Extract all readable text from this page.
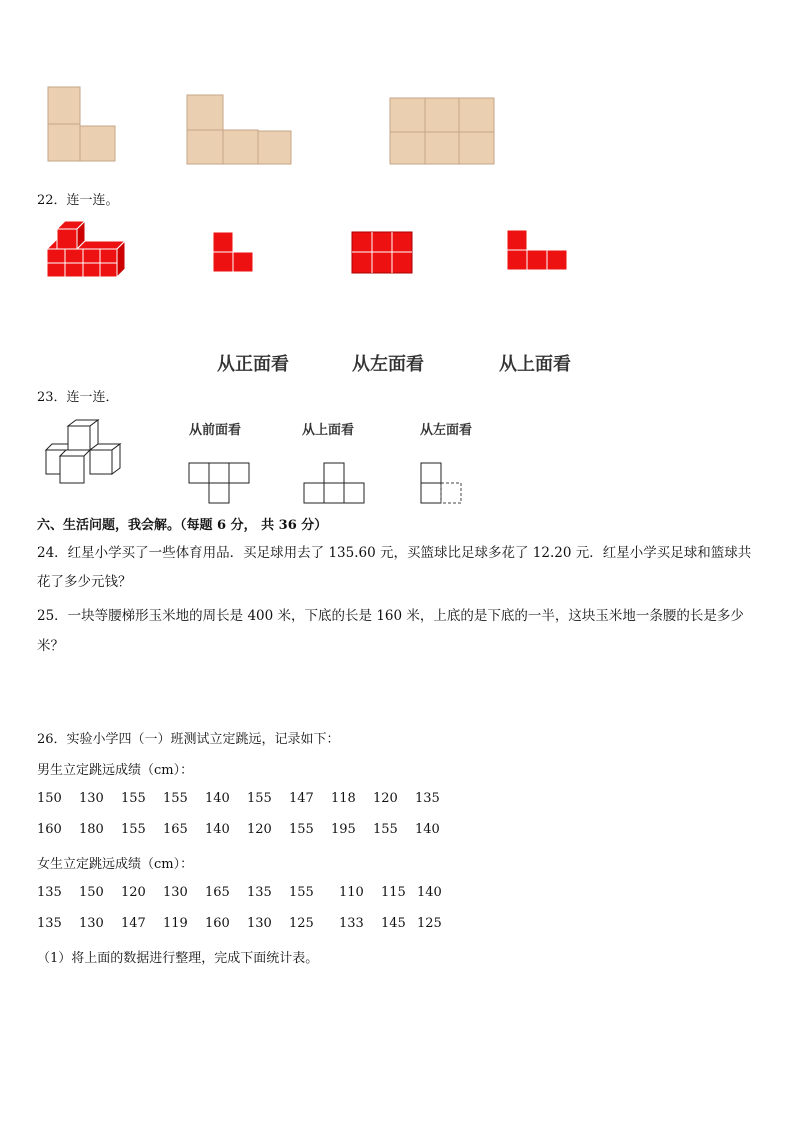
22．连一连。
从正面看	从左面看	从上面看
23．连一连．
从前面看	从上面看	从左面看
六、生活问题，我会解。（每题 6 分， 共 36 分）
24．红星小学买了一些体育用品．买足球用去了 135.60 元，买篮球比足球多花了 12.20 元．红星小学买足球和篮球共
花了多少元钱？
25．一块等腰梯形玉米地的周长是 400 米，下底的长是 160 米，上底的是下底的一半，这块玉米地一条腰的长是多少
米？
26．实验小学四（一）班测试立定跳远，记录如下：
男生立定跳远成绩（cm）：
150 130 155 155 140 155 147 118 120 135
160 180 155 165 140 120 155 195 155 140
女生立定跳远成绩（cm）：
135 150 120 130 165 135 155 110 115 140
135 130 147 119 160 130 125 133 145 125
（1）将上面的数据进行整理，完成下面统计表。
